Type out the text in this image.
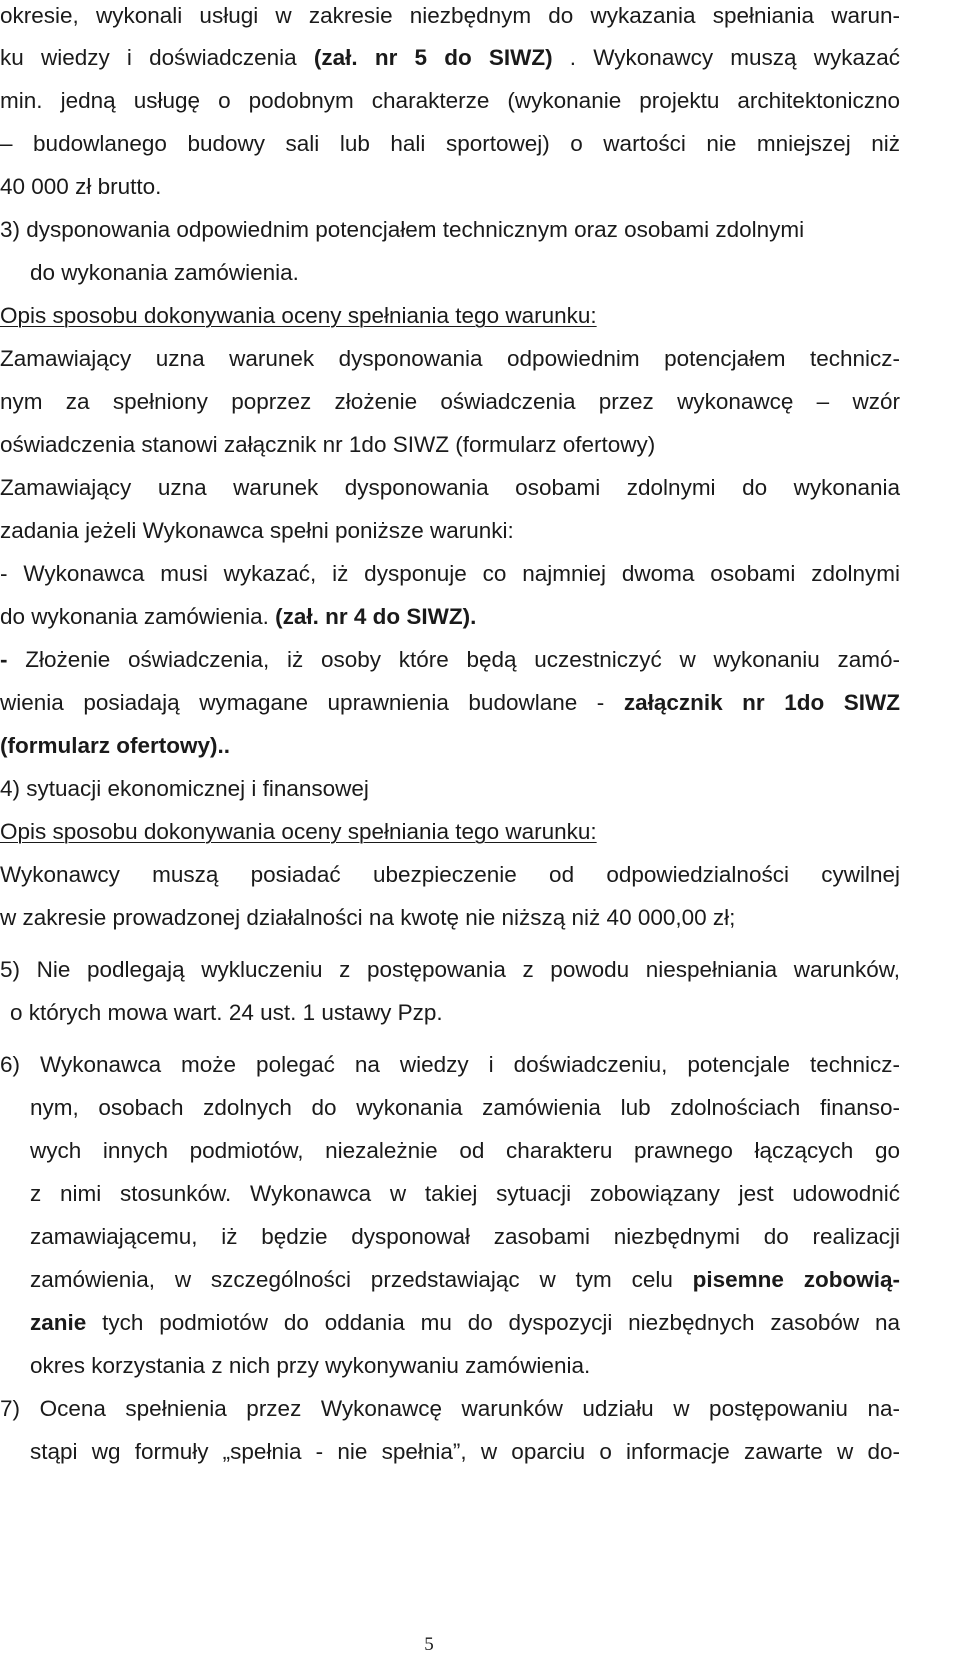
okresie, wykonali usługi w zakresie niezbędnym do wykazania spełniania warun-
ku wiedzy i doświadczenia (zał. nr 5 do SIWZ) . Wykonawcy muszą wykazać
min. jedną usługę o podobnym charakterze (wykonanie projektu architektoniczno
– budowlanego budowy sali lub hali sportowej) o wartości nie mniejszej niż
40 000 zł brutto.
3) dysponowania odpowiednim potencjałem technicznym oraz osobami zdolnymi
do wykonania zamówienia.
Opis sposobu dokonywania oceny spełniania tego warunku:
Zamawiający uzna warunek dysponowania odpowiednim potencjałem technicz-
nym za spełniony poprzez złożenie oświadczenia przez wykonawcę – wzór
oświadczenia stanowi załącznik nr 1do SIWZ (formularz ofertowy)
Zamawiający uzna warunek dysponowania osobami zdolnymi do wykonania
zadania jeżeli Wykonawca spełni poniższe warunki:
- Wykonawca musi wykazać, iż dysponuje co najmniej dwoma osobami zdolnymi
do wykonania zamówienia. (zał. nr 4 do SIWZ).
- Złożenie oświadczenia, iż osoby które będą uczestniczyć w wykonaniu zamó-
wienia posiadają wymagane uprawnienia budowlane - załącznik nr 1do SIWZ
(formularz ofertowy)..
4) sytuacji ekonomicznej i finansowej
Opis sposobu dokonywania oceny spełniania tego warunku:
Wykonawcy muszą posiadać ubezpieczenie od odpowiedzialności cywilnej
w zakresie prowadzonej działalności na kwotę nie niższą niż 40 000,00 zł;
5) Nie podlegają wykluczeniu z postępowania z powodu niespełniania warunków,
o których mowa wart. 24 ust. 1 ustawy Pzp.
6) Wykonawca może polegać na wiedzy i doświadczeniu, potencjale technicz-
nym, osobach zdolnych do wykonania zamówienia lub zdolnościach finanso-
wych innych podmiotów, niezależnie od charakteru prawnego łączących go
z nimi stosunków. Wykonawca w takiej sytuacji zobowiązany jest udowodnić
zamawiającemu, iż będzie dysponował zasobami niezbędnymi do realizacji
zamówienia, w szczególności przedstawiając w tym celu pisemne zobowią-
zanie tych podmiotów do oddania mu do dyspozycji niezbędnych zasobów na
okres korzystania z nich przy wykonywaniu zamówienia.
7) Ocena spełnienia przez Wykonawcę warunków udziału w postępowaniu na-
stąpi wg formuły „spełnia - nie spełnia”, w oparciu o informacje zawarte w do-
5
